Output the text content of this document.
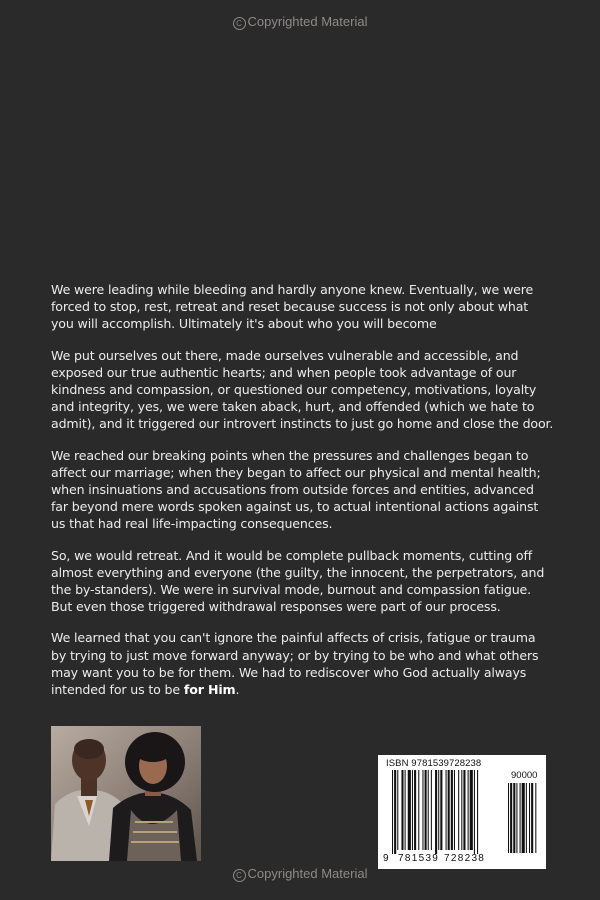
C Copyrighted Material

We were leading while bleeding and hardly anyone knew. Eventually, we were forced to stop, rest, retreat and reset because success is not only about what you will accomplish. Ultimately it's about who you will become

We put ourselves out there, made ourselves vulnerable and accessible, and exposed our true authentic hearts; and when people took advantage of our kindness and compassion, or questioned our competency, motivations, loyalty and integrity, yes, we were taken aback, hurt, and offended (which we hate to admit), and it triggered our introvert instincts to just go home and close the door.

We reached our breaking points when the pressures and challenges began to affect our marriage; when they began to affect our physical and mental health; when insinuations and accusations from outside forces and entities, advanced far beyond mere words spoken against us, to actual intentional actions against us that had real life-impacting consequences.

So, we would retreat. And it would be complete pullback moments, cutting off almost everything and everyone (the guilty, the innocent, the perpetrators, and the by-standers). We were in survival mode, burnout and compassion fatigue. But even those triggered withdrawal responses were part of our process.

We learned that you can't ignore the painful affects of crisis, fatigue or trauma by trying to just move forward anyway; or by trying to be who and what others may want you to be for them. We had to rediscover who God actually always intended for us to be for Him.

ISBN 9781539728238
90000
9 781539 728238
C Copyrighted Material
